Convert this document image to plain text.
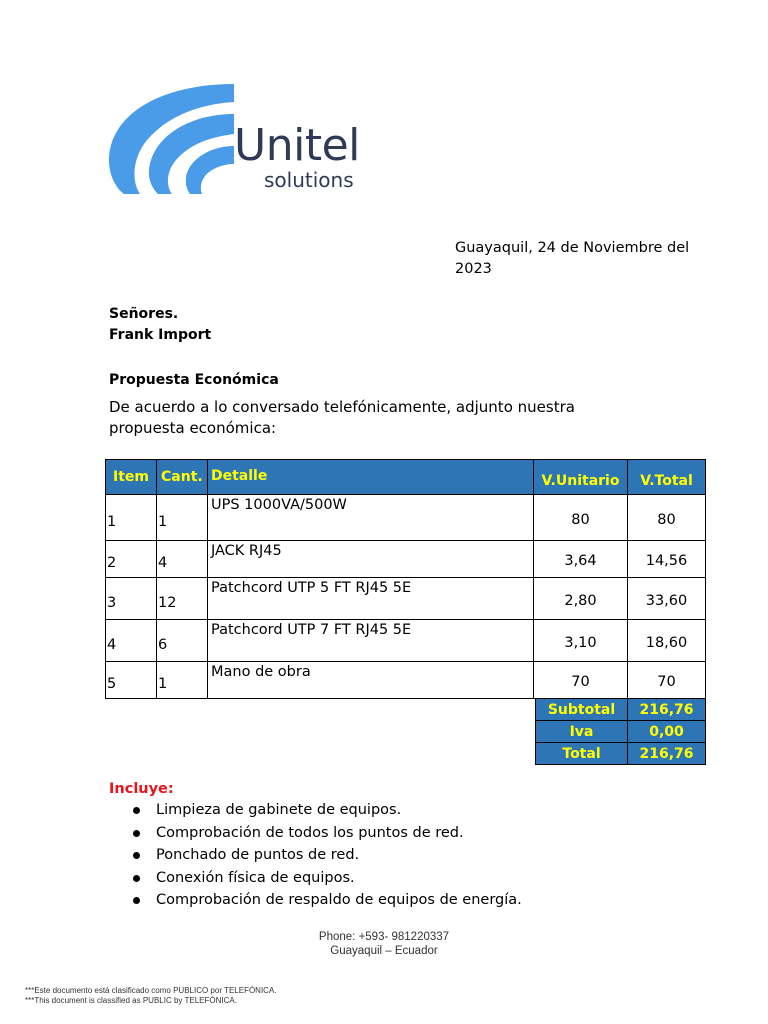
Unitel
solutions
Guayaquil, 24 de Noviembre del 2023
Señores.
Frank Import
Propuesta Económica
De acuerdo a lo conversado telefónicamente, adjunto nuestra propuesta económica:
Item	Cant.	Detalle	V.Unitario	V.Total
1	1	UPS 1000VA/500W	80	80
2	4	JACK RJ45	3,64	14,56
3	12	Patchcord UTP 5 FT RJ45 5E	2,80	33,60
4	6	Patchcord UTP 7 FT RJ45 5E	3,10	18,60
5	1	Mano de obra	70	70
Subtotal	216,76
Iva	0,00
Total	216,76
Incluye:
Limpieza de gabinete de equipos.
Comprobación de todos los puntos de red.
Ponchado de puntos de red.
Conexión física de equipos.
Comprobación de respaldo de equipos de energía.
Phone: +593- 981220337
Guayaquil – Ecuador
***Este documento está clasificado como PUBLICO por TELEFÓNICA.
***This document is classified as PUBLIC by TELEFÓNICA.
